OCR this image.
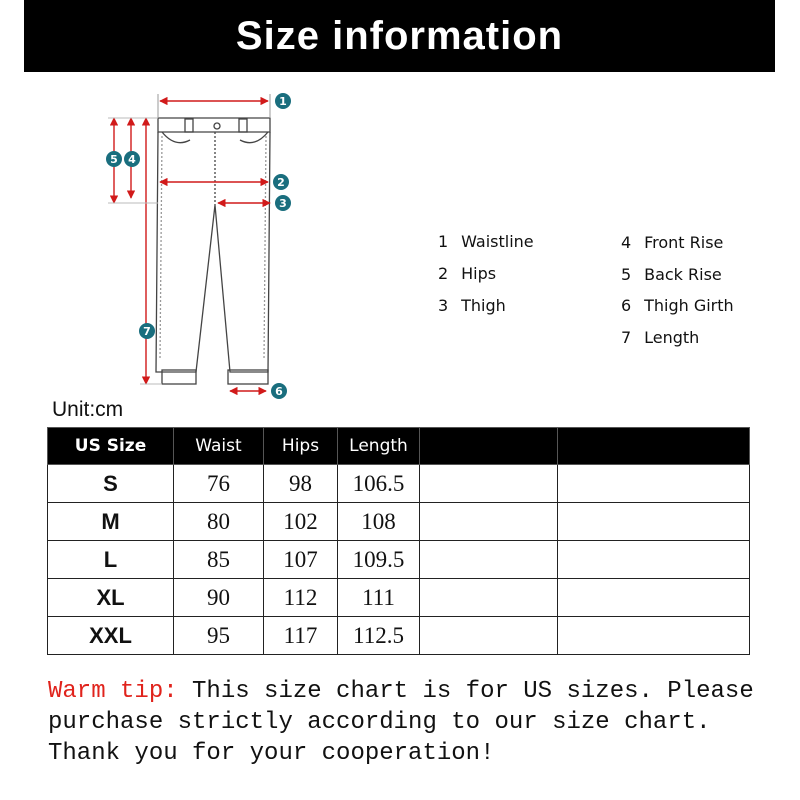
Size information
1
2
3
4
5
6
7
1 Waistline
2 Hips
3 Thigh
4 Front Rise
5 Back Rise
6 Thigh Girth
7 Length
Unit:cm
US Size	Waist	Hips	Length		
S	76	98	106.5		
M	80	102	108		
L	85	107	109.5		
XL	90	112	111		
XXL	95	117	112.5		
Warm tip: This size chart is for US sizes. Please purchase strictly according to our size chart. Thank you for your cooperation!
